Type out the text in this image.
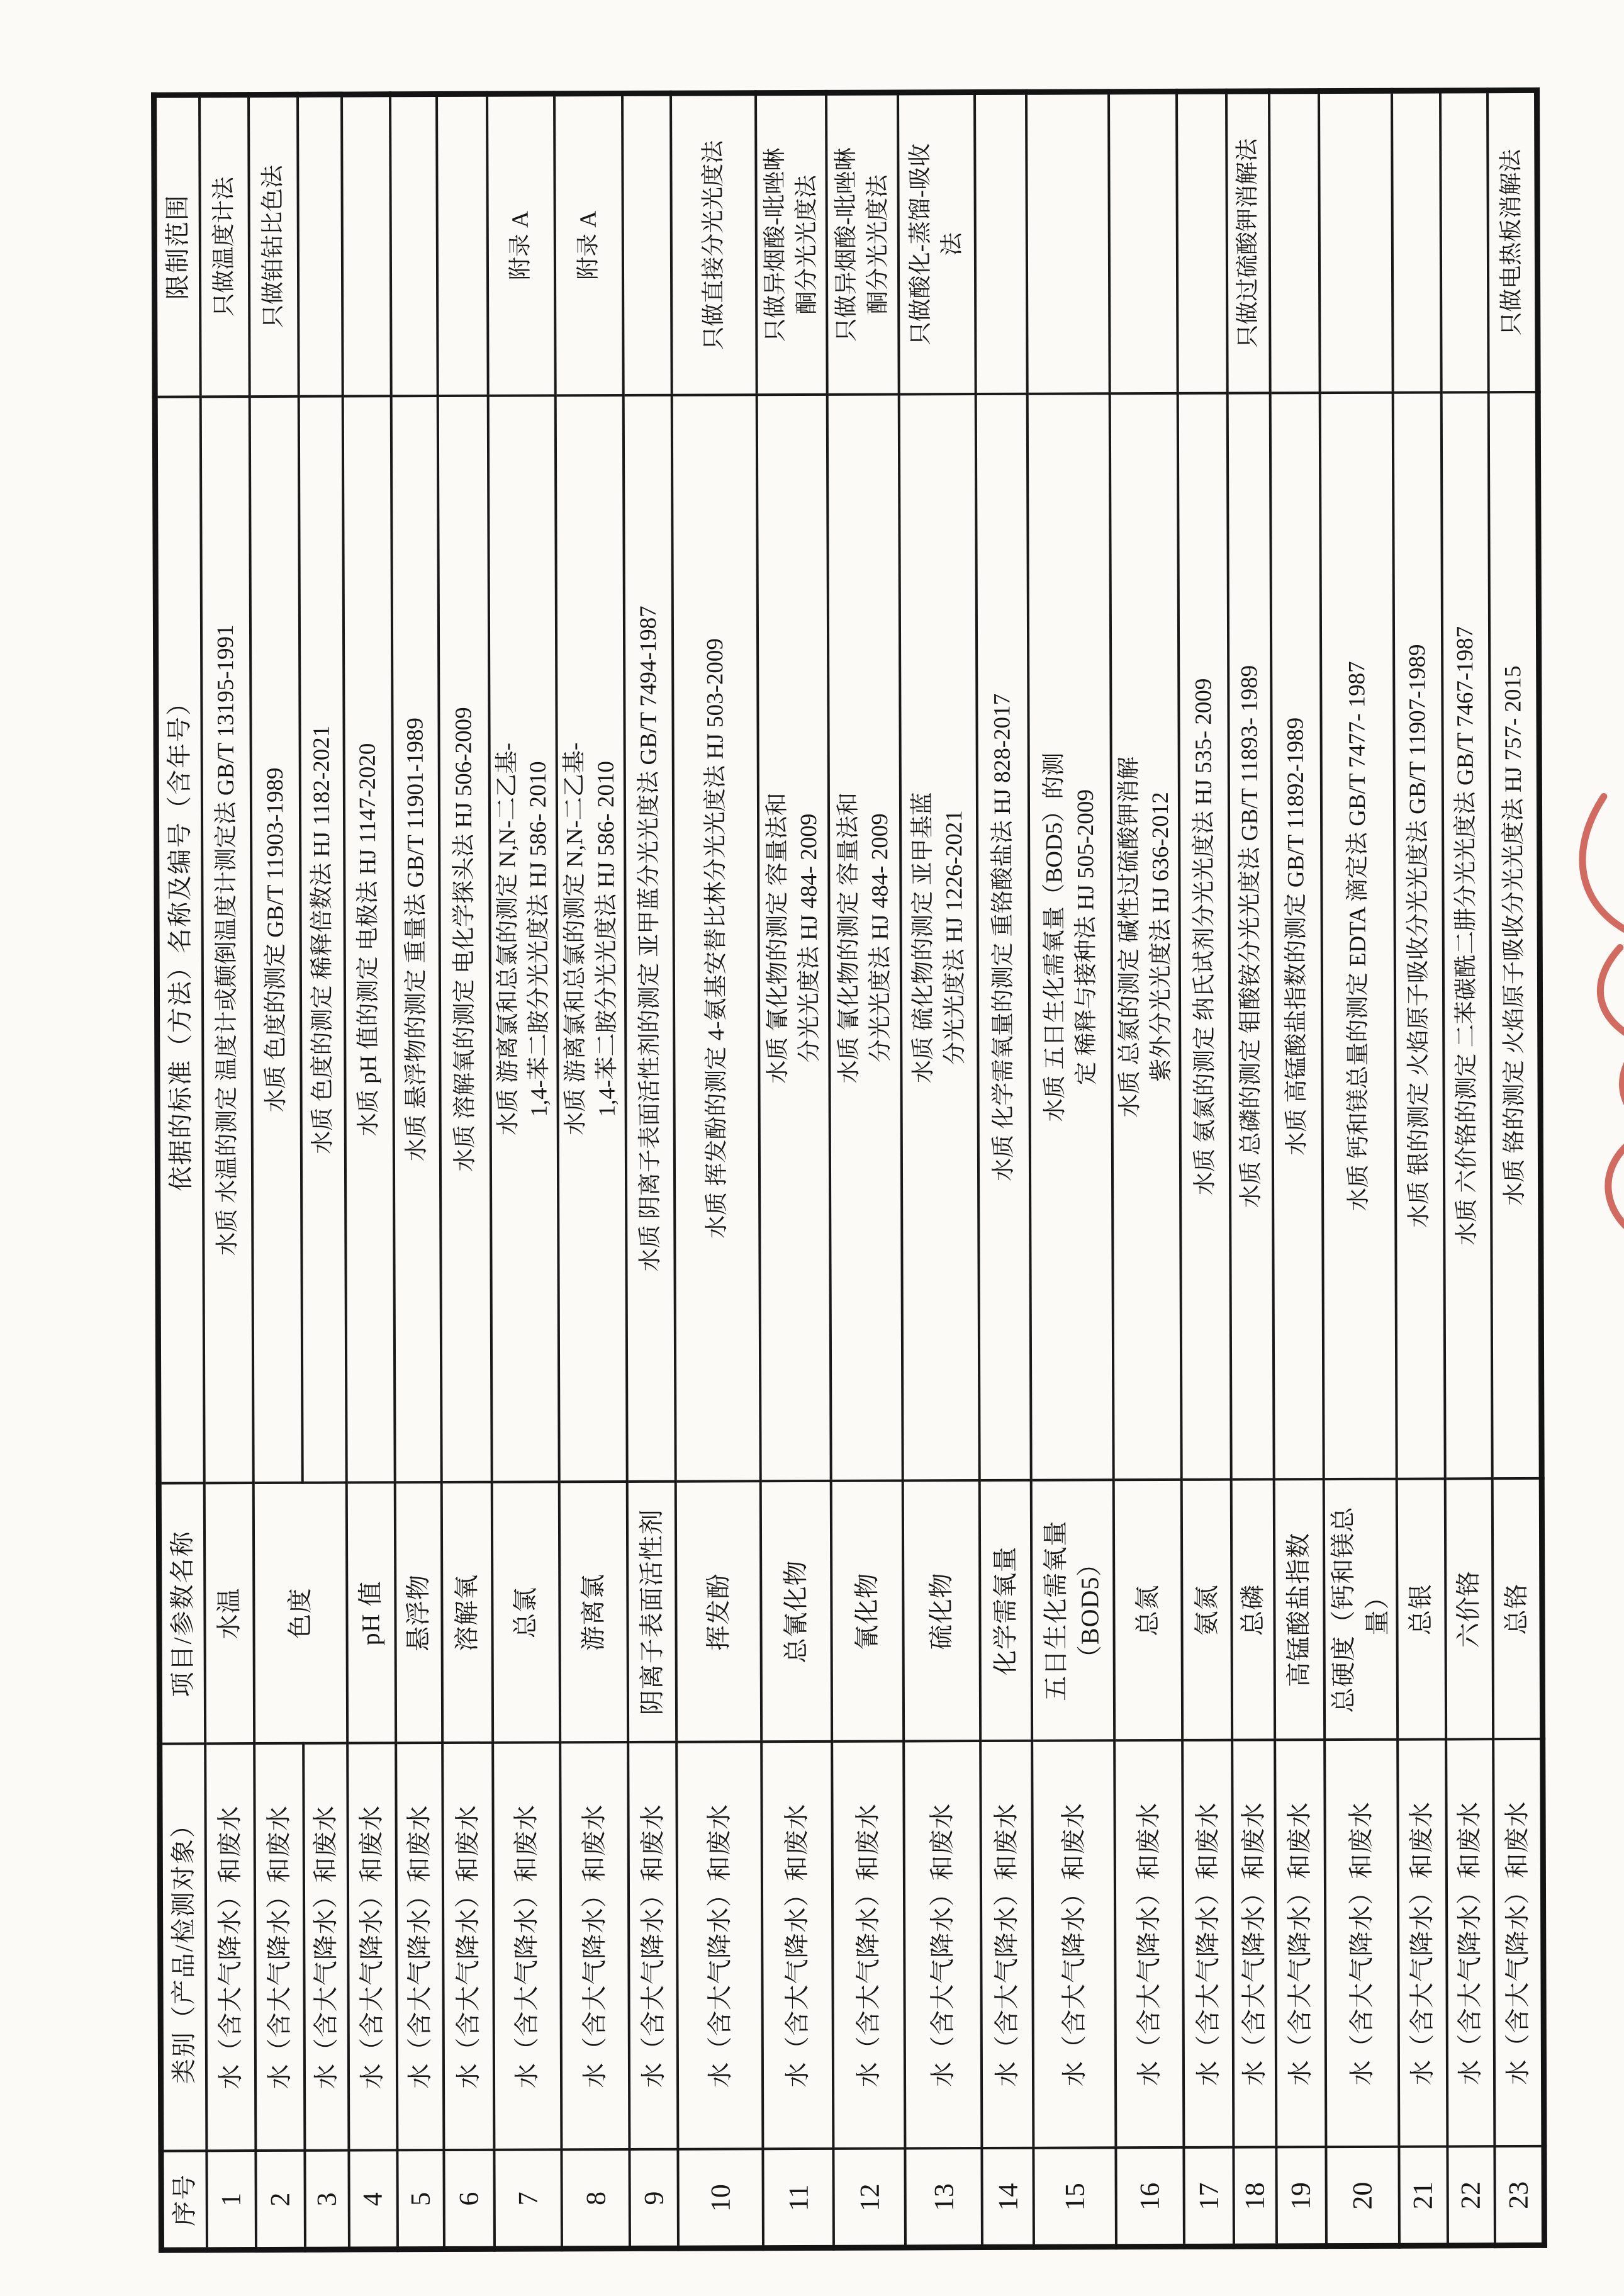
序号	类别（产品/检测对象）	项目/参数名称	依据的标准（方法）名称及编号（含年号）	限制范围
1	水（含大气降水）和废水	水温	水质 水温的测定 温度计或颠倒温度计测定法 GB/T 13195-1991	只做温度计法
2	水（含大气降水）和废水	色度	水质 色度的测定 GB/T 11903-1989	只做铂钴比色法
3	水（含大气降水）和废水		水质 色度的测定 稀释倍数法 HJ 1182-2021	
4	水（含大气降水）和废水	pH 值	水质 pH 值的测定 电极法 HJ 1147-2020	
5	水（含大气降水）和废水	悬浮物	水质 悬浮物的测定 重量法 GB/T 11901-1989	
6	水（含大气降水）和废水	溶解氧	水质 溶解氧的测定 电化学探头法 HJ 506-2009	
7	水（含大气降水）和废水	总氯	水质 游离氯和总氯的测定 N,N-二乙基-
1,4-苯二胺分光光度法 HJ 586- 2010	附录 A
8	水（含大气降水）和废水	游离氯	水质 游离氯和总氯的测定 N,N-二乙基-
1,4-苯二胺分光光度法 HJ 586- 2010	附录 A
9	水（含大气降水）和废水	阴离子表面活性剂	水质 阴离子表面活性剂的测定 亚甲蓝分光光度法 GB/T 7494-1987	
10	水（含大气降水）和废水	挥发酚	水质 挥发酚的测定 4-氨基安替比林分光光度法 HJ 503-2009	只做直接分光光度法
11	水（含大气降水）和废水	总氰化物	水质 氰化物的测定 容量法和
分光光度法 HJ 484- 2009	只做异烟酸-吡唑啉
酮分光光度法
12	水（含大气降水）和废水	氰化物	水质 氰化物的测定 容量法和
分光光度法 HJ 484- 2009	只做异烟酸-吡唑啉
酮分光光度法
13	水（含大气降水）和废水	硫化物	水质 硫化物的测定 亚甲基蓝
分光光度法 HJ 1226-2021	只做酸化-蒸馏-吸收
法
14	水（含大气降水）和废水	化学需氧量	水质 化学需氧量的测定 重铬酸盐法 HJ 828-2017	
15	水（含大气降水）和废水	五日生化需氧量
（BOD5）	水质 五日生化需氧量（BOD5）的测
定 稀释与接种法 HJ 505-2009	
16	水（含大气降水）和废水	总氮	水质 总氮的测定 碱性过硫酸钾消解
紫外分光光度法 HJ 636-2012	
17	水（含大气降水）和废水	氨氮	水质 氨氮的测定 纳氏试剂分光光度法 HJ 535- 2009	
18	水（含大气降水）和废水	总磷	水质 总磷的测定 钼酸铵分光光度法 GB/T 11893- 1989	只做过硫酸钾消解法
19	水（含大气降水）和废水	高锰酸盐指数	水质 高锰酸盐指数的测定 GB/T 11892-1989	
20	水（含大气降水）和废水	总硬度（钙和镁总
量）	水质 钙和镁总量的测定 EDTA 滴定法 GB/T 7477- 1987	
21	水（含大气降水）和废水	总银	水质 银的测定 火焰原子吸收分光光度法 GB/T 11907-1989	
22	水（含大气降水）和废水	六价铬	水质 六价铬的测定 二苯碳酰二肼分光光度法 GB/T 7467-1987	
23	水（含大气降水）和废水	总铬	水质 铬的测定 火焰原子吸收分光光度法 HJ 757- 2015	只做电热板消解法
